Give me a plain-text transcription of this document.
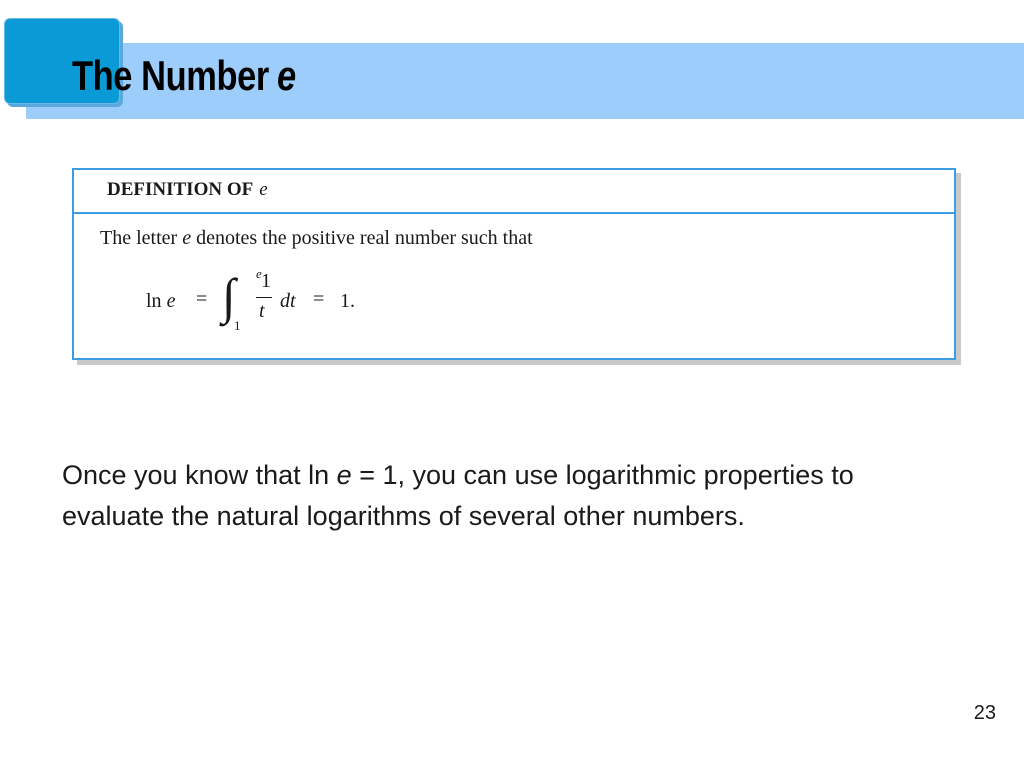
The Number e
DEFINITION OF e
The letter e denotes the positive real number such that
ln e = ∫ e
1
1
t dt = 1.
Once you know that ln e = 1, you can use logarithmic properties to evaluate the natural logarithms of several other numbers.
23
